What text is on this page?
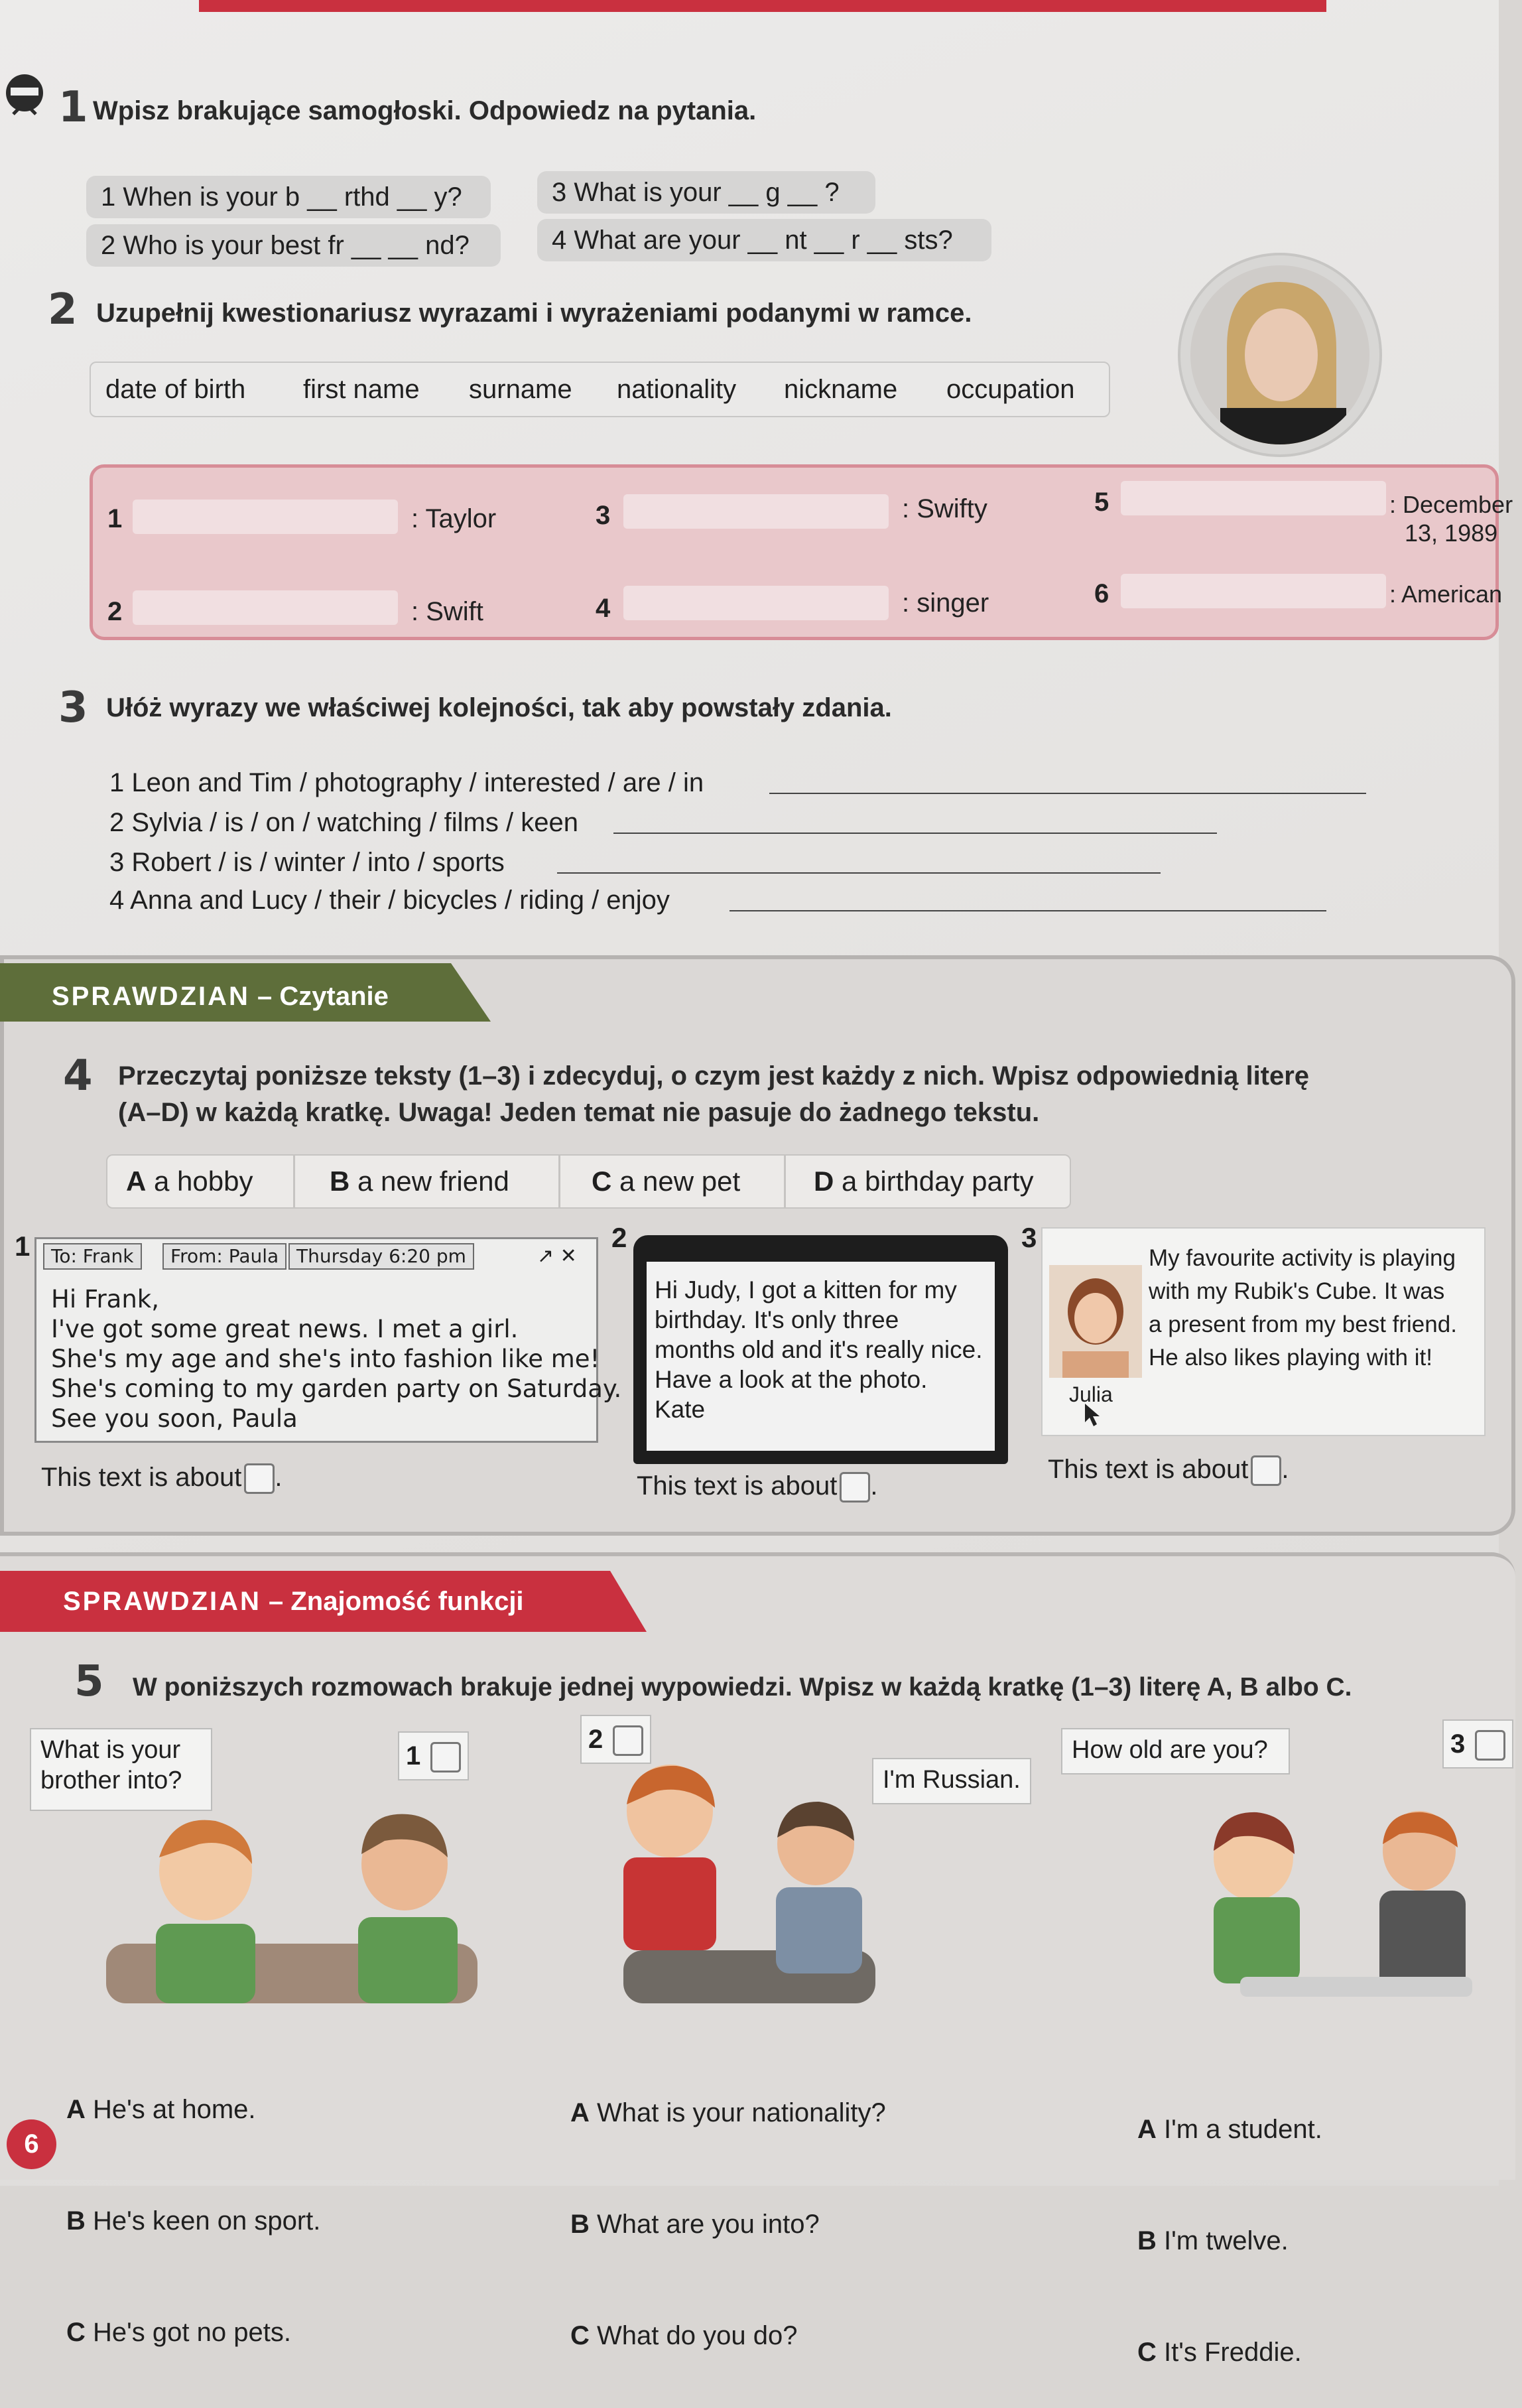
1 Wpisz brakujące samogłoski. Odpowiedz na pytania.
1 When is your b __ rthd __ y?
2 Who is your best fr __ __ nd?
3 What is your __ g __ ?
4 What are your __ nt __ r __ sts?
2 Uzupełnij kwestionariusz wyrazami i wyrażeniami podanymi w ramce.
date of birth first name surname nationality nickname occupation
1	: Taylor
2	: Swift
3	: Swifty
4	: singer
5	: December
13, 1989
6	: American
3 Ułóż wyrazy we właściwej kolejności, tak aby powstały zdania.
1 Leon and Tim / photography / interested / are / in
2 Sylvia / is / on / watching / films / keen
3 Robert / is / winter / into / sports
4 Anna and Lucy / their / bicycles / riding / enjoy
SPRAWDZIAN – Czytanie
4 Przeczytaj poniższe teksty (1–3) i zdecyduj, o czym jest każdy z nich. Wpisz odpowiednią literę
(A–D) w każdą kratkę. Uwaga! Jeden temat nie pasuje do żadnego tekstu.
A a hobby	B a new friend	C a new pet	D a birthday party
1	To: Frank	From: Paula Thursday 6:20 pm	↗ ✕
Hi Frank,
I've got some great news. I met a girl.
She's my age and she's into fashion like me!
She's coming to my garden party on Saturday.
See you soon, Paula
This text is about .
2
Hi Judy, I got a kitten for my
birthday. It's only three
months old and it's really nice.
Have a look at the photo.
Kate
This text is about .
3
Julia
My favourite activity is playing
with my Rubik's Cube. It was
a present from my best friend.
He also likes playing with it!
This text is about .
SPRAWDZIAN – Znajomość funkcji
5 W poniższych rozmowach brakuje jednej wypowiedzi. Wpisz w każdą kratkę (1–3) literę A, B albo C.
What is your
brother into?
1

A He's at home.

B He's keen on sport.

C He's got no pets.

2
I'm Russian.

A What is your nationality?

B What are you into?

C What do you do?

How old are you?	3

A I'm a student.

B I'm twelve.

C It's Freddie.

6
